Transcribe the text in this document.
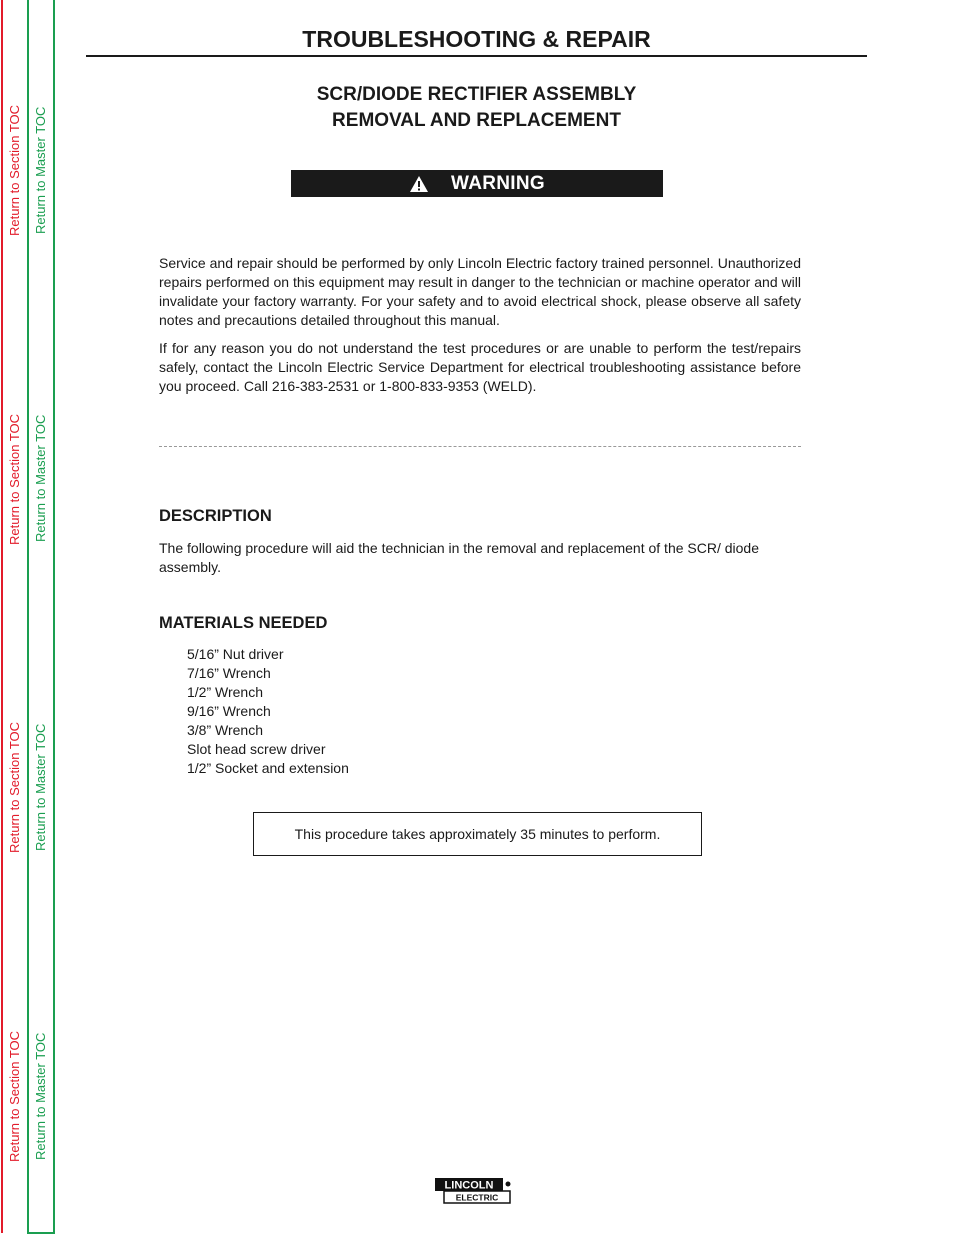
Return to Section TOC Return to Master TOC
Return to Section TOC Return to Master TOC
Return to Section TOC Return to Master TOC
Return to Section TOC Return to Master TOC
TROUBLESHOOTING & REPAIR
SCR/DIODE RECTIFIER ASSEMBLY
REMOVAL AND REPLACEMENT
WARNING

Service and repair should be performed by only Lincoln Electric factory trained personnel. Unauthorized repairs performed on this equipment may result in danger to the technician or machine operator and will invalidate your factory warranty. For your safety and to avoid electrical shock, please observe all safety notes and precautions detailed throughout this manual.

If for any reason you do not understand the test procedures or are unable to perform the test/repairs safely, contact the Lincoln Electric Service Department for electrical troubleshooting assistance before you proceed. Call 216-383-2531 or 1-800-833-9353 (WELD).

DESCRIPTION
The following procedure will aid the technician in the removal and replacement of the SCR/ diode assembly.
MATERIALS NEEDED
5/16” Nut driver
7/16” Wrench
1/2” Wrench
9/16” Wrench
3/8” Wrench
Slot head screw driver
1/2” Socket and extension
This procedure takes approximately 35 minutes to perform.
LINCOLN
ELECTRIC
